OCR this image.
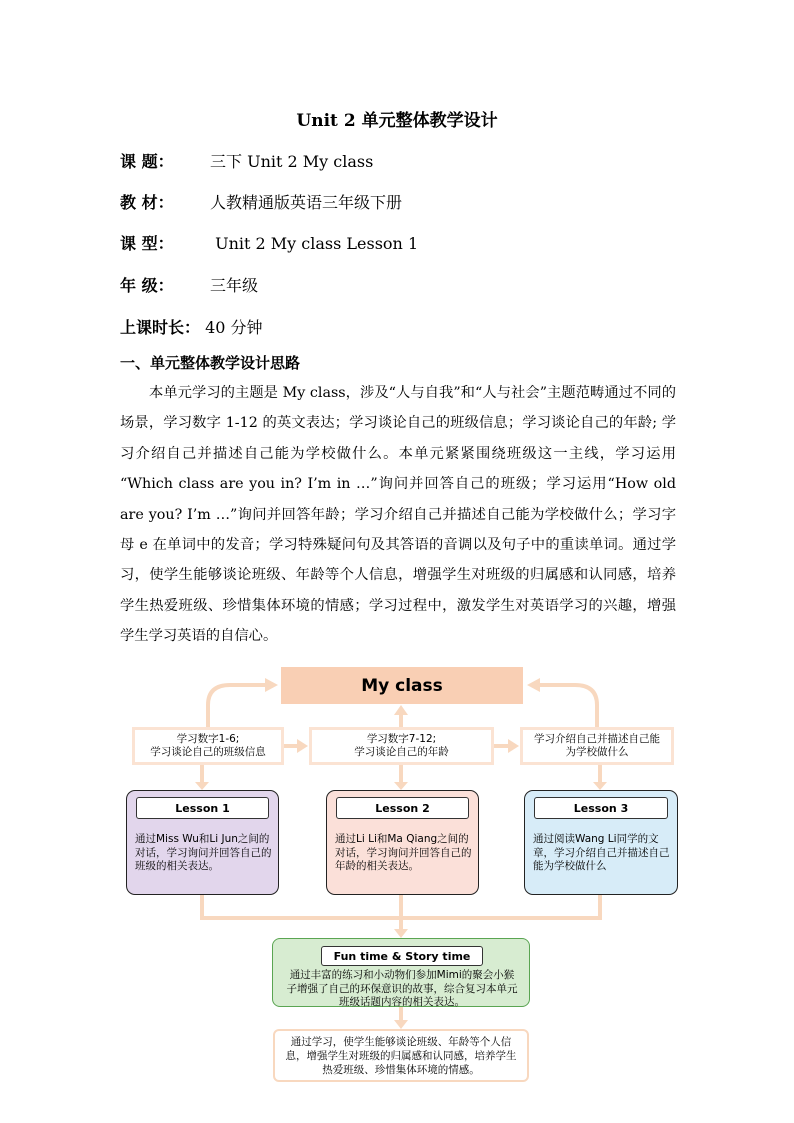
Unit 2 单元整体教学设计
课 题： 三下 Unit 2 My class
教 材： 人教精通版英语三年级下册
课 型： Unit 2 My class Lesson 1
年 级： 三年级
上课时长： 40 分钟
一、单元整体教学设计思路

本单元学习的主题是 My class，涉及“人与自我”和“人与社会”主题范畴通过不同的场景，学习数字 1-12 的英文表达；学习谈论自己的班级信息；学习谈论自己的年龄; 学习介绍自己并描述自己能为学校做什么。本单元紧紧围绕班级这一主线，学习运用 “Which class are you in? I’m in …”询问并回答自己的班级；学习运用“How old are you? I’m …”询问并回答年龄；学习介绍自己并描述自己能为学校做什么；学习字母 e 在单词中的发音；学习特殊疑问句及其答语的音调以及句子中的重读单词。通过学习，使学生能够谈论班级、年龄等个人信息，增强学生对班级的归属感和认同感，培养学生热爱班级、珍惜集体环境的情感；学习过程中，激发学生对英语学习的兴趣，增强学生学习英语的自信心。

My class
学习数字1-6;
学习谈论自己的班级信息
学习数字7-12;
学习谈论自己的年龄
学习介绍自己并描述自己能
为学校做什么
Lesson 1
通过Miss Wu和Li Jun之间的对话，学习询问并回答自己的班级的相关表达。
Lesson 2
通过Li Li和Ma Qiang之间的对话，学习询问并回答自己的年龄的相关表达。
Lesson 3
通过阅读Wang Li同学的文章，学习介绍自己并描述自己能为学校做什么
Fun time & Story time
通过丰富的练习和小动物们参加Mimi的聚会小猴子增强了自己的环保意识的故事，综合复习本单元班级话题内容的相关表达。
通过学习，使学生能够谈论班级、年龄等个人信息，增强学生对班级的归属感和认同感，培养学生热爱班级、珍惜集体环境的情感。
